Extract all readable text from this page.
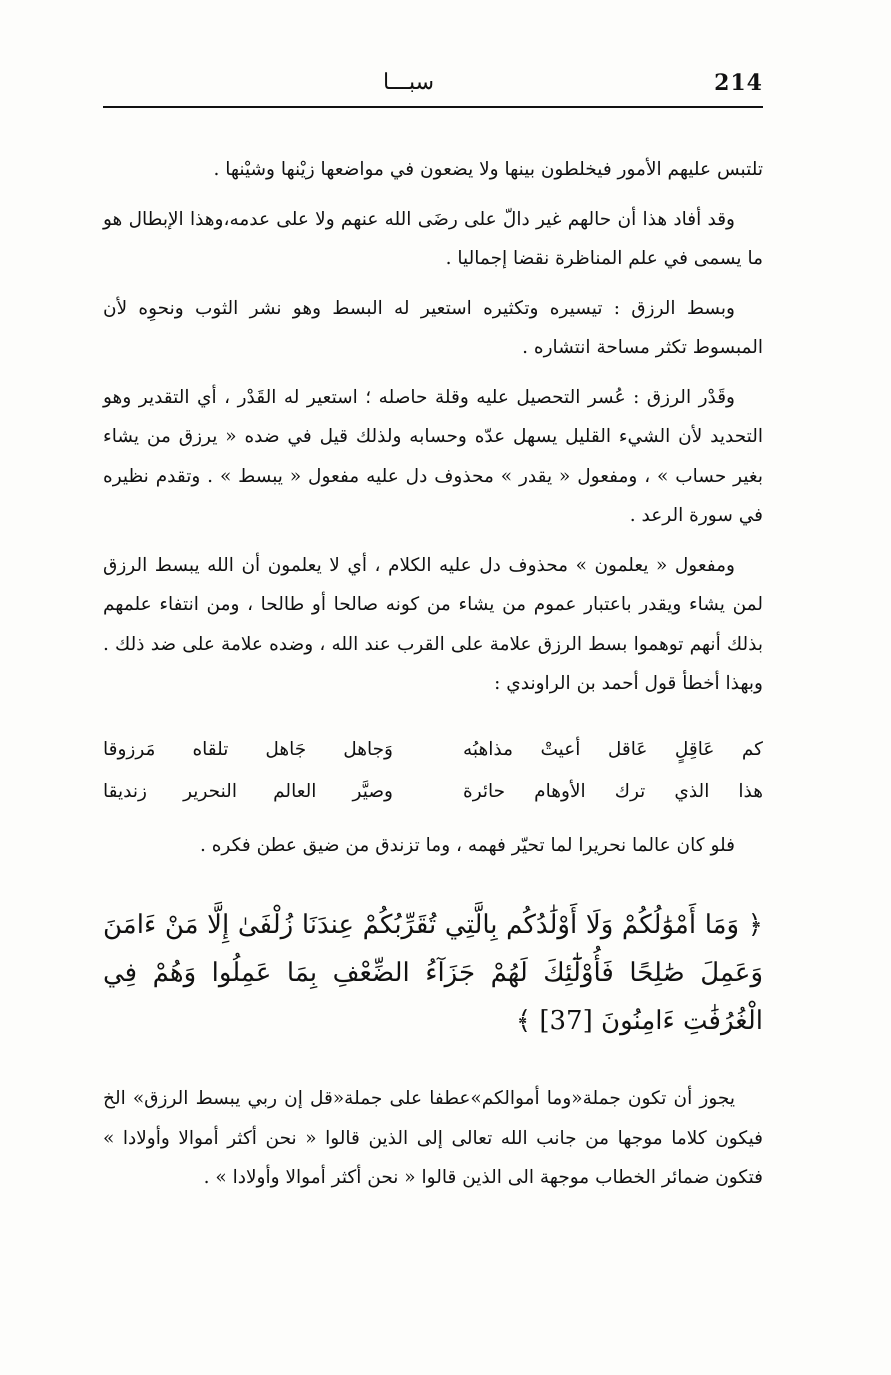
214
سبـــا

تلتبس عليهم الأمور فيخلطون بينها ولا يضعون في مواضعها زيْنها وشيْنها .

وقد أفاد هذا أن حالهم غير دالّ على رضَى الله عنهم ولا على عدمه،وهذا الإبطال هو ما يسمى في علم المناظرة نقضا إجماليا .

وبسط الرزق : تيسيره وتكثيره استعير له البسط وهو نشر الثوب ونحوِه لأن المبسوط تكثر مساحة انتشاره .

وقَدْر الرزق : عُسر التحصيل عليه وقلة حاصله ؛ استعير له القَدْر ، أي التقدير وهو التحديد لأن الشيء القليل يسهل عدّه وحسابه ولذلك قيل في ضده « يرزق من يشاء بغير حساب » ، ومفعول « يقدر » محذوف دل عليه مفعول « يبسط » . وتقدم نظيره في سورة الرعد .

ومفعول « يعلمون » محذوف دل عليه الكلام ، أي لا يعلمون أن الله يبسط الرزق لمن يشاء ويقدر باعتبار عموم من يشاء من كونه صالحا أو طالحا ، ومن انتفاء علمهم بذلك أنهم توهموا بسط الرزق علامة على القرب عند الله ، وضده علامة على ضد ذلك . وبهذا أخطأ قول أحمد بن الراوندي :

كم عَاقِلٍ عَاقل أعيتْ مذاهبُه
وَجاهل جَاهل تلقاه مَرزوقا
هذا الذي ترك الأوهام حائرة
وصيَّر العالم النحرير زنديقا

فلو كان عالما نحريرا لما تحيّر فهمه ، وما تزندق من ضيق عطن فكره .

﴿ وَمَا أَمْوَٰلُكُمْ وَلَا أَوْلَٰدُكُم بِالَّتِي تُقَرِّبُكُمْ عِندَنَا زُلْفَىٰ إِلَّا مَنْ ءَامَنَ وَعَمِلَ صَٰلِحًا فَأُوْلَٰٓئِكَ لَهُمْ جَزَآءُ الضِّعْفِ بِمَا عَمِلُوا وَهُمْ فِي الْغُرُفَٰتِ ءَامِنُونَ [37] ﴾

يجوز أن تكون جملة«وما أموالكم»عطفا على جملة«قل إن ربي يبسط الرزق» الخ فيكون كلاما موجها من جانب الله تعالى إلى الذين قالوا « نحن أكثر أموالا وأولادا » فتكون ضمائر الخطاب موجهة الى الذين قالوا « نحن أكثر أموالا وأولادا » .
